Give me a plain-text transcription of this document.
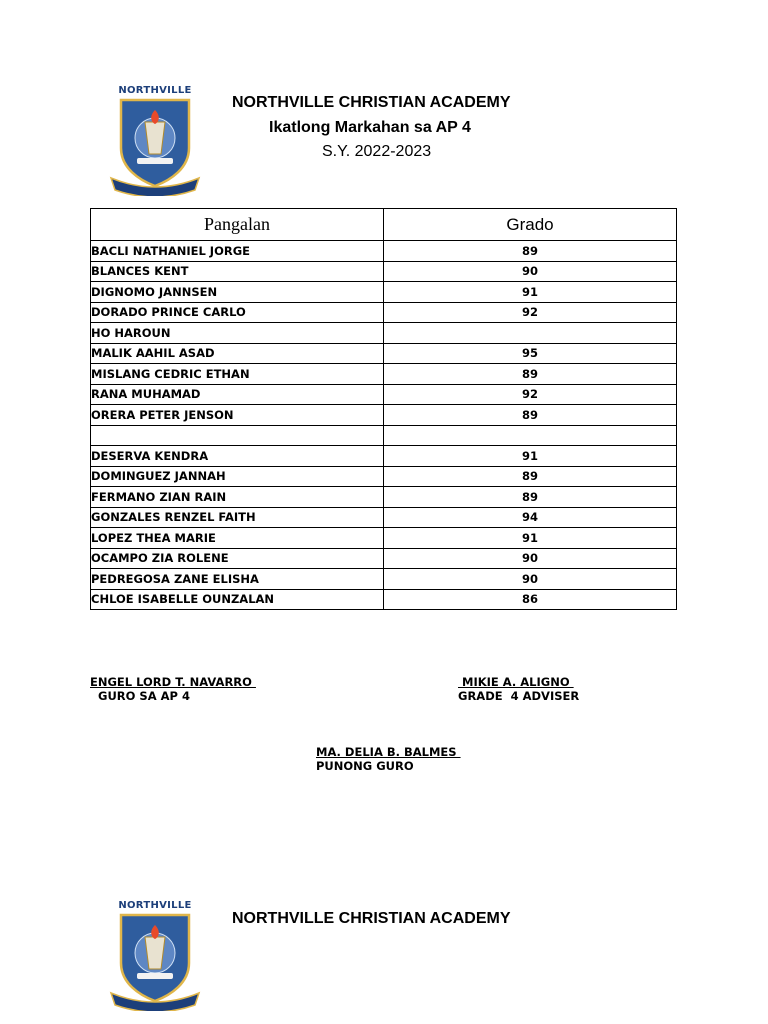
NORTHVILLE
NORTHVILLE CHRISTIAN ACADEMY
Ikatlong Markahan sa AP 4
S.Y. 2022-2023
Pangalan	Grado
BACLI NATHANIEL JORGE	89
BLANCES KENT	90
DIGNOMO JANNSEN	91
DORADO PRINCE CARLO	92
HO HAROUN	
MALIK AAHIL ASAD	95
MISLANG CEDRIC ETHAN	89
RANA MUHAMAD	92
ORERA PETER JENSON	89

DESERVA KENDRA	91
DOMINGUEZ JANNAH	89
FERMANO ZIAN RAIN	89
GONZALES RENZEL FAITH	94
LOPEZ THEA MARIE	91
OCAMPO ZIA ROLENE	90
PEDREGOSA ZANE ELISHA	90
CHLOE ISABELLE OUNZALAN	86
ENGEL LORD T. NAVARRO
GURO SA AP 4
MIKIE A. ALIGNO
GRADE  4 ADVISER
MA. DELIA B. BALMES
PUNONG GURO
NORTHVILLE
NORTHVILLE CHRISTIAN ACADEMY
